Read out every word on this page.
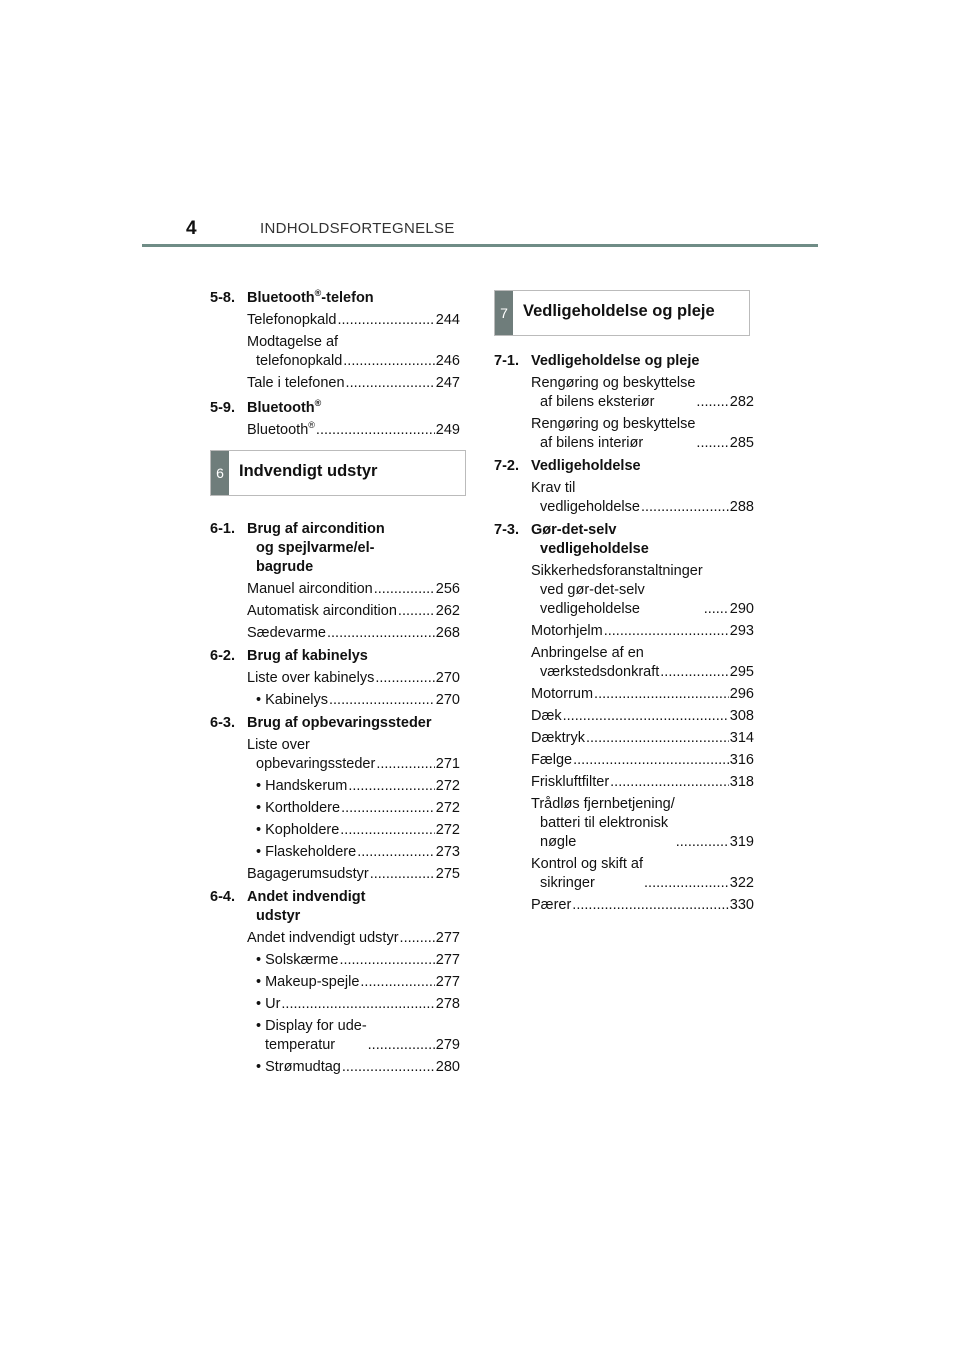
4	INDHOLDSFORTEGNELSE
5-8. Bluetooth®-telefon
Telefonopkald .....	244
Modtagelse af
telefonopkald .....	246
Tale i telefonen .....	247
5-9. Bluetooth®
Bluetooth® .....	249
6 Indvendigt udstyr
6-1. Brug af aircondition
og spejlvarme/el-
bagrude
Manuel aircondition .....	256
Automatisk aircondition .....	262
Sædevarme .....	268
6-2. Brug af kabinelys
Liste over kabinelys .....	270
• Kabinelys .....	270
6-3. Brug af opbevaringssteder
Liste over
opbevaringssteder .....	271
• Handskerum .....	272
• Kortholdere .....	272
• Kopholdere .....	272
• Flaskeholdere .....	273
Bagagerumsudstyr .....	275
6-4. Andet indvendigt
udstyr
Andet indvendigt udstyr .....	277
• Solskærme .....	277
• Makeup-spejle .....	277
• Ur .....	278
• Display for ude-
temperatur .....	279
• Strømudtag .....	280
7 Vedligeholdelse og pleje
7-1. Vedligeholdelse og pleje
Rengøring og beskyttelse
af bilens eksteriør .....	282
Rengøring og beskyttelse
af bilens interiør .....	285
7-2. Vedligeholdelse
Krav til
vedligeholdelse .....	288
7-3. Gør-det-selv
vedligeholdelse
Sikkerhedsforanstaltninger
ved gør-det-selv
vedligeholdelse .....	290
Motorhjelm .....	293
Anbringelse af en
værkstedsdonkraft .....	295
Motorrum .....	296
Dæk .....	308
Dæktryk .....	314
Fælge .....	316
Friskluftfilter .....	318
Trådløs fjernbetjening/
batteri til elektronisk
nøgle .....	319
Kontrol og skift af
sikringer .....	322
Pærer .....	330
